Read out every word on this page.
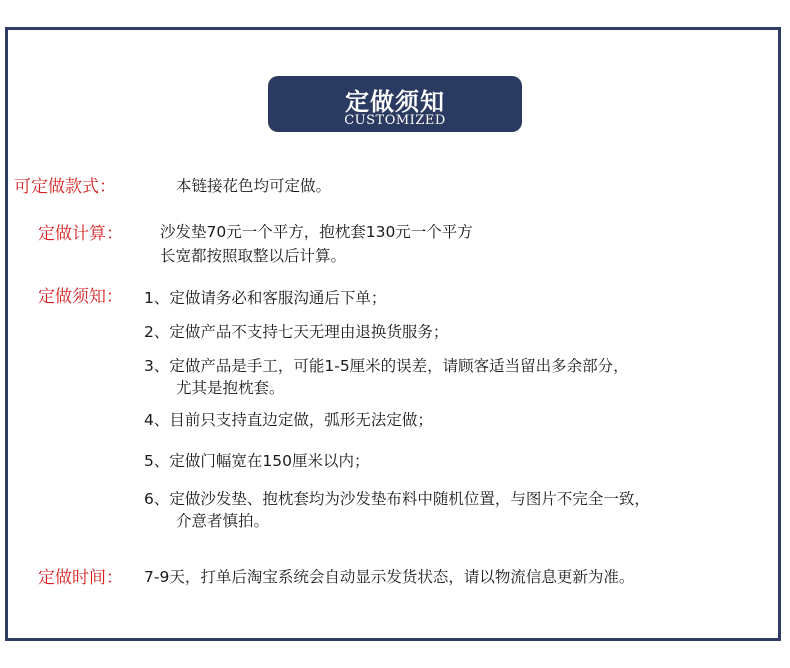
定做须知
CUSTOMIZED
可定做款式：	本链接花色均可定做。
定做计算： 沙发垫70元一个平方，抱枕套130元一个平方
长宽都按照取整以后计算。
定做须知： 1、定做请务必和客服沟通后下单；
2、定做产品不支持七天无理由退换货服务；
3、定做产品是手工，可能1-5厘米的误差，请顾客适当留出多余部分，
尤其是抱枕套。
4、目前只支持直边定做，弧形无法定做；
5、定做门幅宽在150厘米以内；
6、定做沙发垫、抱枕套均为沙发垫布料中随机位置，与图片不完全一致，
介意者慎拍。
定做时间： 7-9天，打单后淘宝系统会自动显示发货状态，请以物流信息更新为准。
